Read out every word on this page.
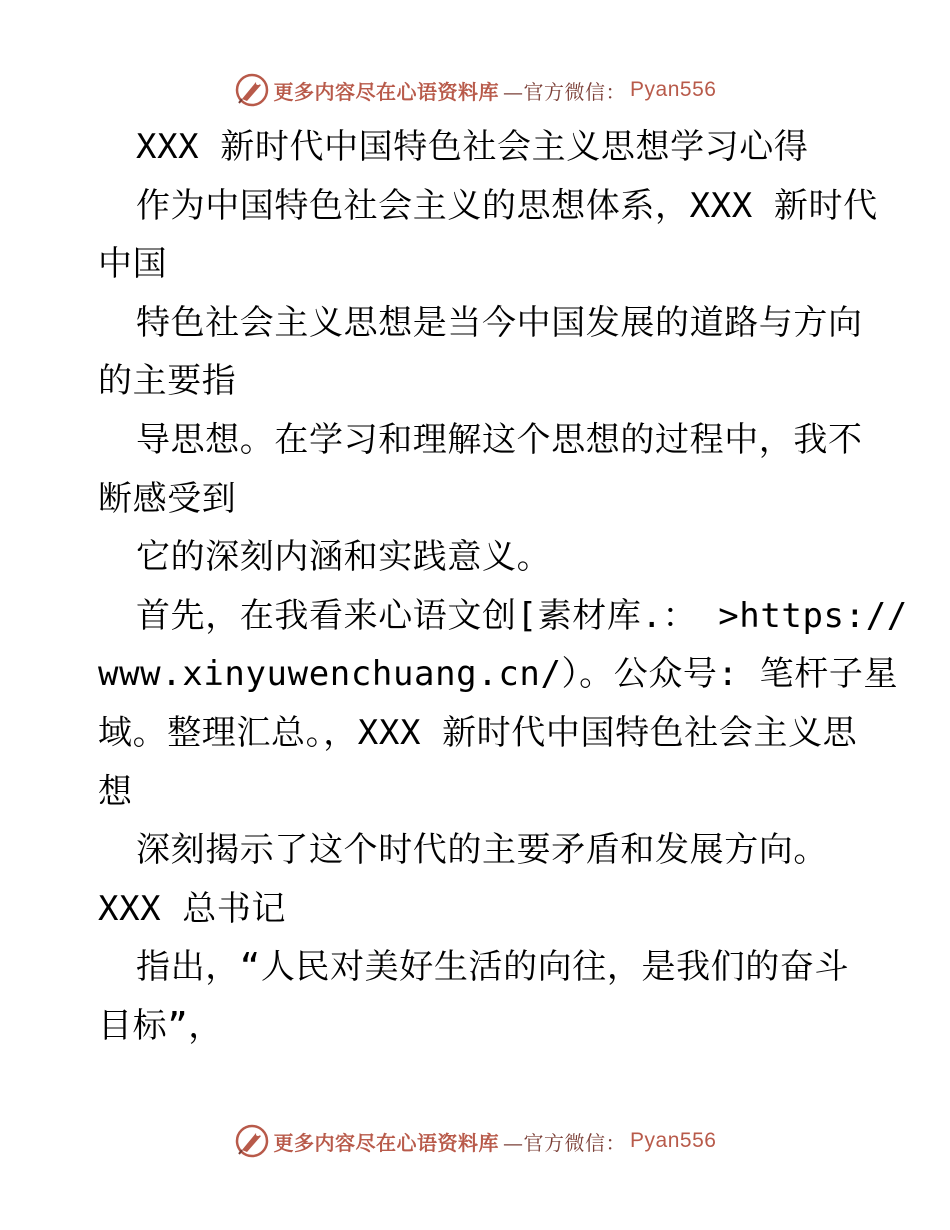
更多内容尽在心语资料库 —官方微信： Pyan556
XXX 新时代中国特色社会主义思想学习心得
作为中国特色社会主义的思想体系，XXX 新时代
中国
特色社会主义思想是当今中国发展的道路与方向
的主要指
导思想。在学习和理解这个思想的过程中，我不
断感受到
它的深刻内涵和实践意义。
首先，在我看来心语文创[素材库.： >https://
www.xinyuwenchuang.cn/）。公众号: 笔杆子星
域。整理汇总。，XXX 新时代中国特色社会主义思
想
深刻揭示了这个时代的主要矛盾和发展方向。
XXX 总书记
指出，“人民对美好生活的向往，是我们的奋斗
目标”，
更多内容尽在心语资料库 —官方微信： Pyan556
